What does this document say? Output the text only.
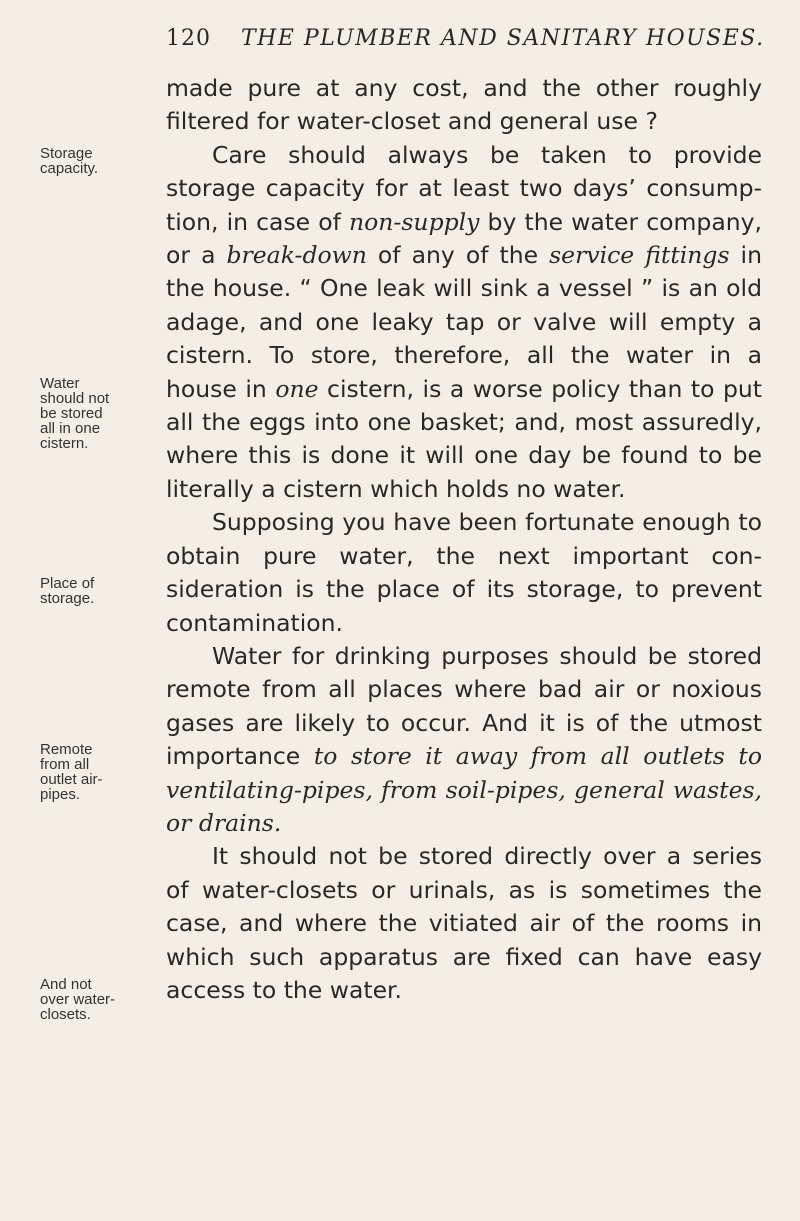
120 THE PLUMBER AND SANITARY HOUSES.
Storage
capacity.
Water
should not
be stored
all in one
cistern.
Place of
storage.
Remote
from all
outlet air-
pipes.
And not
over water-
closets.

made pure at any cost, and the other roughly filtered for water-closet and general use ?

Care should always be taken to provide storage capacity for at least two days’ consump-tion, in case of non-supply by the water company, or a break-down of any of the service fittings in the house. “ One leak will sink a vessel ” is an old adage, and one leaky tap or valve will empty a cistern. To store, therefore, all the water in a house in one cistern, is a worse policy than to put all the eggs into one basket; and, most assuredly, where this is done it will one day be found to be literally a cistern which holds no water.

Supposing you have been fortunate enough to obtain pure water, the next important con-sideration is the place of its storage, to prevent contamination.

Water for drinking purposes should be stored remote from all places where bad air or noxious gases are likely to occur. And it is of the utmost importance to store it away from all outlets to ventilating-pipes, from soil-pipes, general wastes, or drains.

It should not be stored directly over a series of water-closets or urinals, as is sometimes the case, and where the vitiated air of the rooms in which such apparatus are fixed can have easy access to the water.
